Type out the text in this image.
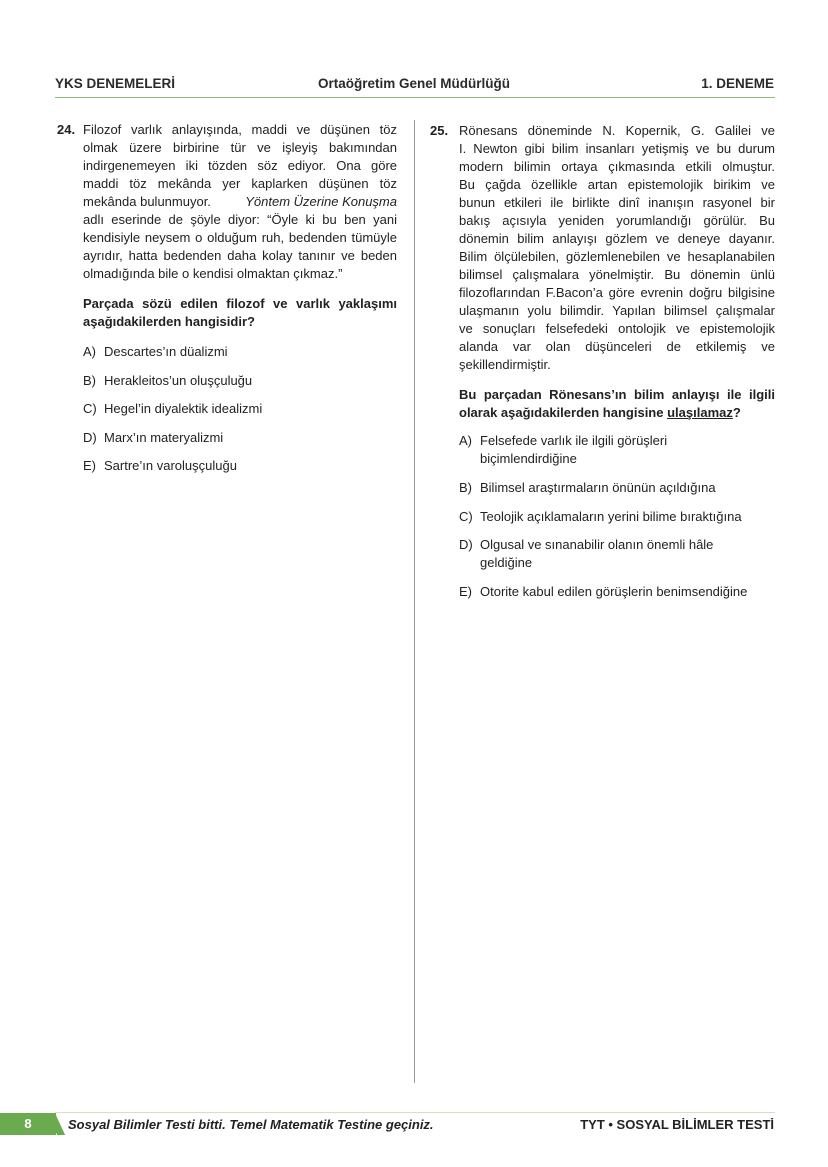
YKS DENEMELERİ	Ortaöğretim Genel Müdürlüğü	1. DENEME
24. Filozof varlık anlayışında, maddi ve düşünen töz
olmak üzere birbirine tür ve işleyiş bakımından
indirgenemeyen iki tözden söz ediyor. Ona göre
maddi töz mekânda yer kaplarken düşünen töz
mekânda bulunmuyor.	Yöntem Üzerine Konuşma
adlı eserinde de şöyle diyor: “Öyle ki bu ben yani
kendisiyle neysem o olduğum ruh, bedenden tümüyle
ayrıdır, hatta bedenden daha kolay tanınır ve beden
olmadığında bile o kendisi olmaktan çıkmaz.”
Parçada sözü edilen filozof ve varlık yaklaşımı
aşağıdakilerden hangisidir?
A) Descartes’ın düalizmi
B) Herakleitos’un oluşçuluğu
C) Hegel’in diyalektik idealizmi
D) Marx’ın materyalizmi
E) Sartre’ın varoluşçuluğu
25. Rönesans döneminde N. Kopernik, G. Galilei ve
I. Newton gibi bilim insanları yetişmiş ve bu durum
modern bilimin ortaya çıkmasında etkili olmuştur.
Bu çağda özellikle artan epistemolojik birikim ve
bunun etkileri ile birlikte dinî inanışın rasyonel bir
bakış açısıyla yeniden yorumlandığı görülür. Bu
dönemin bilim anlayışı gözlem ve deneye dayanır.
Bilim ölçülebilen, gözlemlenebilen ve hesaplanabilen
bilimsel çalışmalara yönelmiştir. Bu dönemin ünlü
filozoflarından F.Bacon’a göre evrenin doğru bilgisine
ulaşmanın yolu bilimdir. Yapılan bilimsel çalışmalar
ve sonuçları felsefedeki ontolojik ve epistemolojik
alanda var olan düşünceleri de etkilemiş ve
şekillendirmiştir.
Bu parçadan Rönesans’ın bilim anlayışı ile ilgili
olarak aşağıdakilerden hangisine ulaşılamaz?
A) Felsefede varlık ile ilgili görüşleri
biçimlendirdiğine
B) Bilimsel araştırmaların önünün açıldığına
C) Teolojik açıklamaların yerini bilime bıraktığına
D) Olgusal ve sınanabilir olanın önemli hâle
geldiğine
E) Otorite kabul edilen görüşlerin benimsendiğine
8	Sosyal Bilimler Testi bitti. Temel Matematik Testine geçiniz.	TYT • SOSYAL BİLİMLER TESTİ
